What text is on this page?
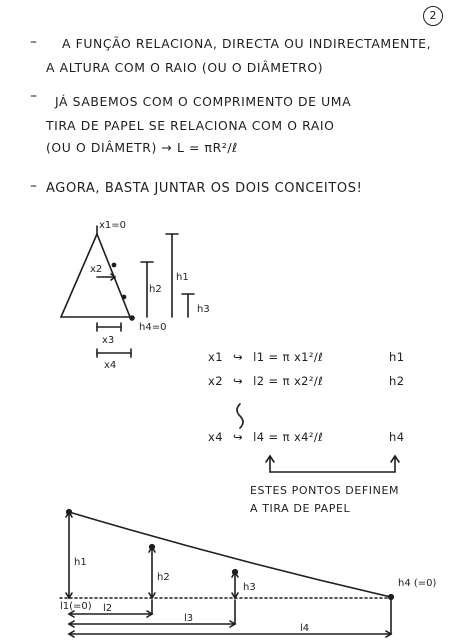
2
– A FUNÇÃO RELACIONA, DIRECTA OU INDIRECTAMENTE,
A ALTURA COM O RAIO (OU O DIÂMETRO)
– JÁ SABEMOS COM O COMPRIMENTO DE UMA
TIRA DE PAPEL SE RELACIONA COM O RAIO
(OU O DIÂMETR) → L = πR²/ℓ
– AGORA, BASTA JUNTAR OS DOIS CONCEITOS!
x1=0
x2
x3
x4
h4=0
h1
h2
h3
h1
h2
h3	h4 (=0)
l1(=0) l2
l3
l4
x1 ↪ l1 = π x1²/ℓ	h1
x2 ↪ l2 = π x2²/ℓ	h2
x4 ↪ l4 = π x4²/ℓ	h4
ESTES PONTOS DEFINEM
A TIRA DE PAPEL
